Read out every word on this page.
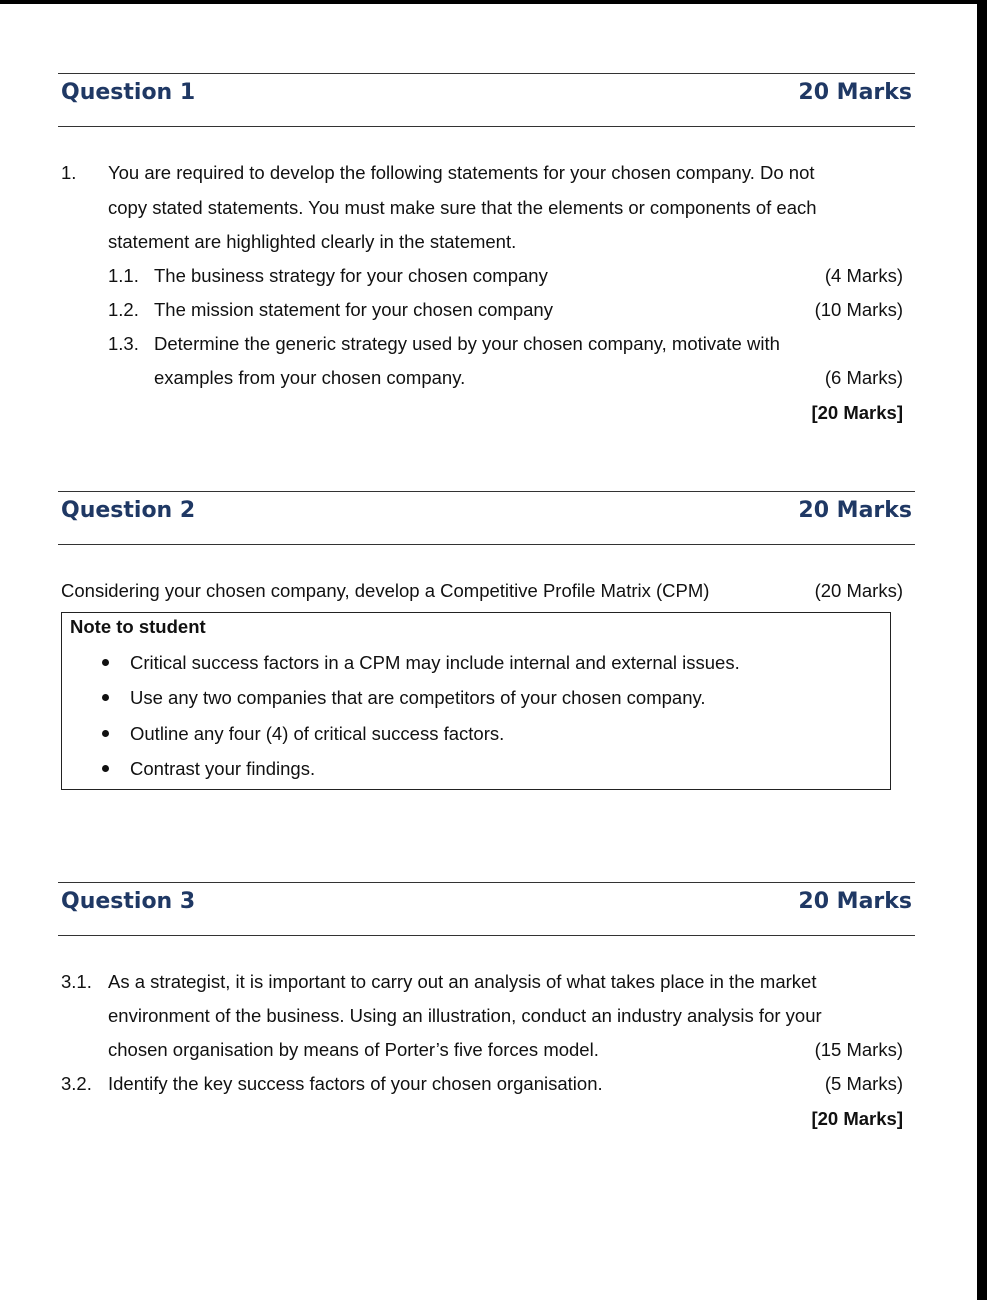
Question 1	20 Marks
1. You are required to develop the following statements for your chosen company. Do not
copy stated statements. You must make sure that the elements or components of each
statement are highlighted clearly in the statement.
1.1. The business strategy for your chosen company	(4 Marks)
1.2. The mission statement for your chosen company	(10 Marks)
1.3. Determine the generic strategy used by your chosen company, motivate with
examples from your chosen company.	(6 Marks)
[20 Marks]
Question 2	20 Marks
Considering your chosen company, develop a Competitive Profile Matrix (CPM)	(20 Marks)
Note to student
Critical success factors in a CPM may include internal and external issues.
Use any two companies that are competitors of your chosen company.
Outline any four (4) of critical success factors.
Contrast your findings.
Question 3	20 Marks
3.1. As a strategist, it is important to carry out an analysis of what takes place in the market
environment of the business. Using an illustration, conduct an industry analysis for your
chosen organisation by means of Porter’s five forces model.	(15 Marks)
3.2. Identify the key success factors of your chosen organisation.	(5 Marks)
[20 Marks]
